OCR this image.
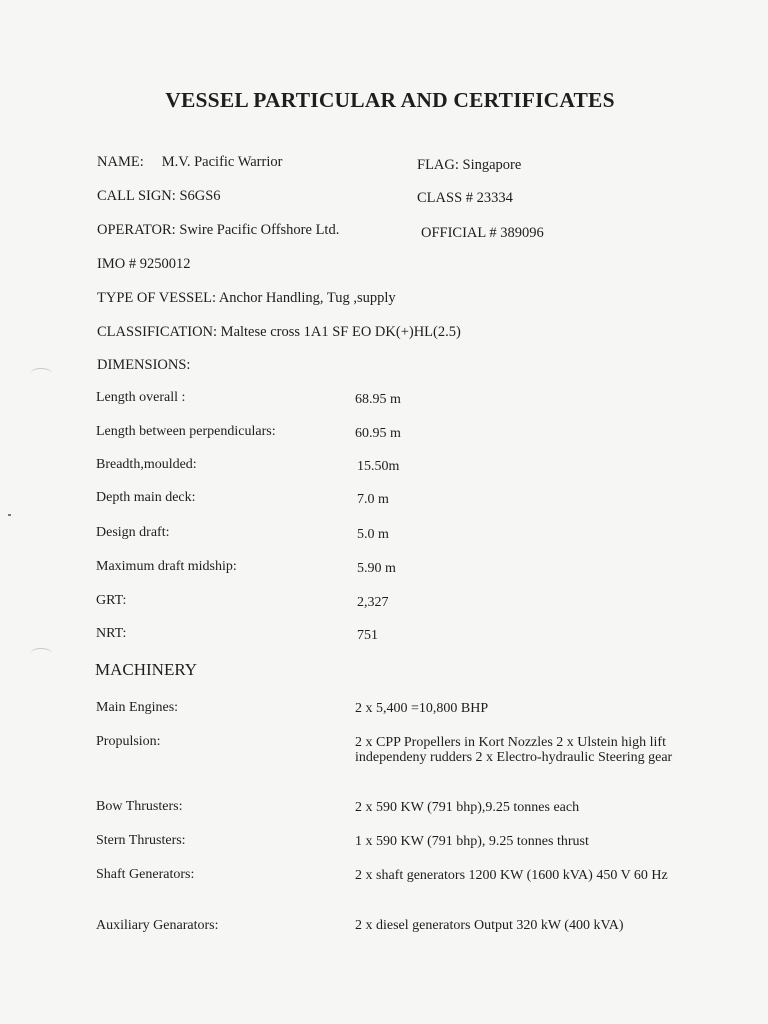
VESSEL PARTICULAR AND CERTIFICATES
NAME: M.V. Pacific Warrior	FLAG: Singapore
CALL SIGN: S6GS6	CLASS # 23334
OPERATOR: Swire Pacific Offshore Ltd.	OFFICIAL # 389096
IMO # 9250012
TYPE OF VESSEL: Anchor Handling, Tug ,supply
CLASSIFICATION: Maltese cross 1A1 SF EO DK(+)HL(2.5)
DIMENSIONS:
Length overall :	68.95 m
Length between perpendiculars:	60.95 m
Breadth,moulded:	15.50m
Depth main deck:	7.0 m
Design draft:	5.0 m
Maximum draft midship:	5.90 m
GRT:	2,327
NRT:	751
MACHINERY
Main Engines:	2 x 5,400 =10,800 BHP
Propulsion:	2 x CPP Propellers in Kort Nozzles 2 x Ulstein high lift independeny rudders 2 x Electro-hydraulic Steering gear
Bow Thrusters:	2 x 590 KW (791 bhp),9.25 tonnes each
Stern Thrusters:	1 x 590 KW (791 bhp), 9.25 tonnes thrust
Shaft Generators:	2 x shaft generators 1200 KW (1600 kVA) 450 V 60 Hz
Auxiliary Genarators:	2 x diesel generators Output 320 kW (400 kVA)
